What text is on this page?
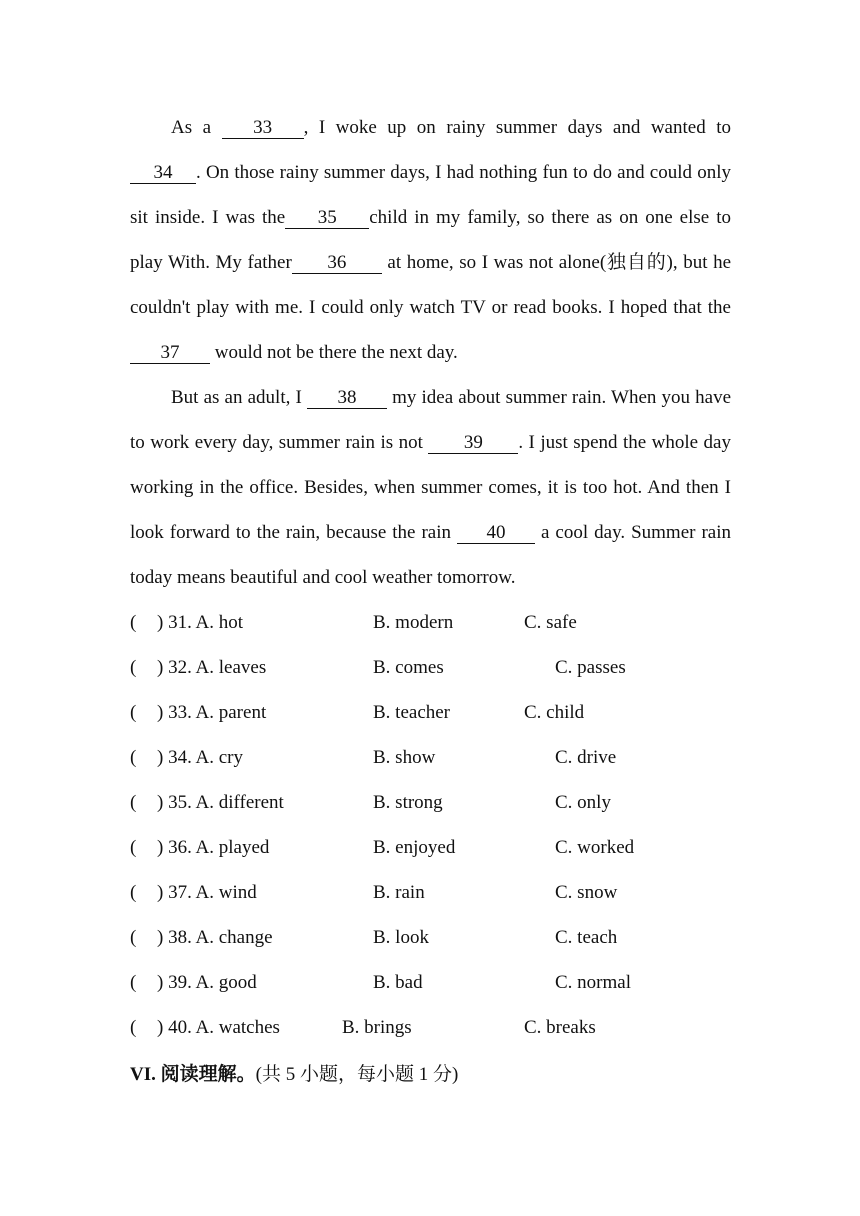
As a 33 , I woke up on rainy summer days and wanted to 34 . On those rainy summer days, I had nothing fun to do and could only sit inside. I was the 35 child in my family, so there as on one else to play With. My father 36 at home, so I was not alone(独自的), but he couldn't play with me. I could only watch TV or read books. I hoped that the 37 would not be there the next day.

But as an adult, I 38 my idea about summer rain. When you have to work every day, summer rain is not 39 . I just spend the whole day working in the office. Besides, when summer comes, it is too hot. And then I look forward to the rain, because the rain 40 a cool day. Summer rain today means beautiful and cool weather tomorrow.

( ) 31. A. hot	B. modern	C. safe
( ) 32. A. leaves	B. comes	C. passes
( ) 33. A. parent	B. teacher	C. child
( ) 34. A. cry	B. show	C. drive
( ) 35. A. different	B. strong	C. only
( ) 36. A. played	B. enjoyed	C. worked
( ) 37. A. wind	B. rain	C. snow
( ) 38. A. change	B. look	C. teach
( ) 39. A. good	B. bad	C. normal
( ) 40. A. watches	B. brings	C. breaks
VI. 阅读理解。(共 5 小题，每小题 1 分)
